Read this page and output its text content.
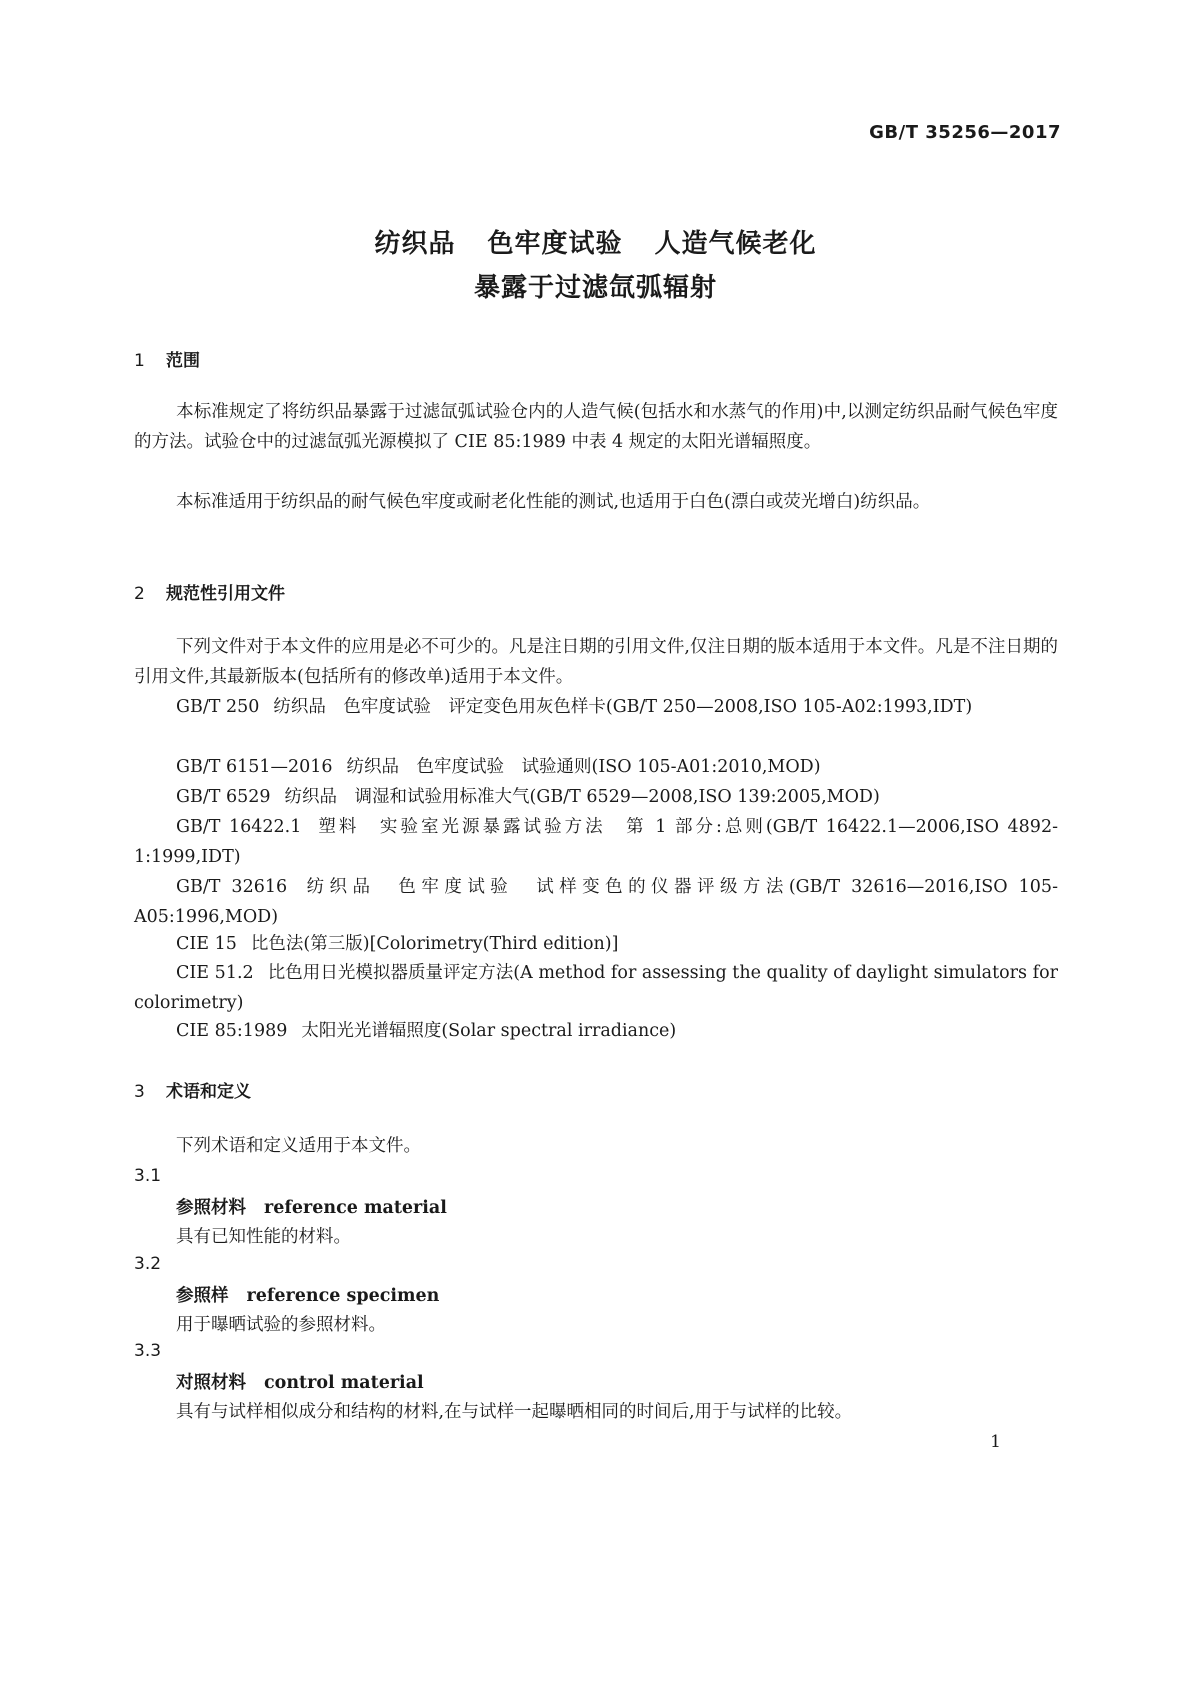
GB/T 35256—2017
纺织品 色牢度试验 人造气候老化
暴露于过滤氙弧辐射
1 范围
本标准规定了将纺织品暴露于过滤氙弧试验仓内的人造气候(包括水和水蒸气的作用)中,以测定纺织品耐气候色牢度的方法。试验仓中的过滤氙弧光源模拟了 CIE 85:1989 中表 4 规定的太阳光谱辐照度。
本标准适用于纺织品的耐气候色牢度或耐老化性能的测试,也适用于白色(漂白或荧光增白)纺织品。
2 规范性引用文件
下列文件对于本文件的应用是必不可少的。凡是注日期的引用文件,仅注日期的版本适用于本文件。凡是不注日期的引用文件,其最新版本(包括所有的修改单)适用于本文件。
GB/T 250 纺织品　色牢度试验　评定变色用灰色样卡(GB/T 250—2008,ISO 105-A02:1993,IDT)
GB/T 6151—2016 纺织品　色牢度试验　试验通则(ISO 105-A01:2010,MOD)
GB/T 6529 纺织品　调湿和试验用标准大气(GB/T 6529—2008,ISO 139:2005,MOD)
GB/T 16422.1 塑料　实验室光源暴露试验方法　第 1 部分:总则(GB/T 16422.1—2006,ISO 4892-1:1999,IDT)
GB/T 32616 纺织品　色牢度试验　试样变色的仪器评级方法(GB/T 32616—2016,ISO 105-A05:1996,MOD)
CIE 15 比色法(第三版)[Colorimetry(Third edition)]
CIE 51.2 比色用日光模拟器质量评定方法(A method for assessing the quality of daylight simulators for colorimetry)
CIE 85:1989 太阳光光谱辐照度(Solar spectral irradiance)
3 术语和定义
下列术语和定义适用于本文件。
3.1
参照材料 reference material
具有已知性能的材料。
3.2
参照样 reference specimen
用于曝晒试验的参照材料。
3.3
对照材料 control material
具有与试样相似成分和结构的材料,在与试样一起曝晒相同的时间后,用于与试样的比较。
1
